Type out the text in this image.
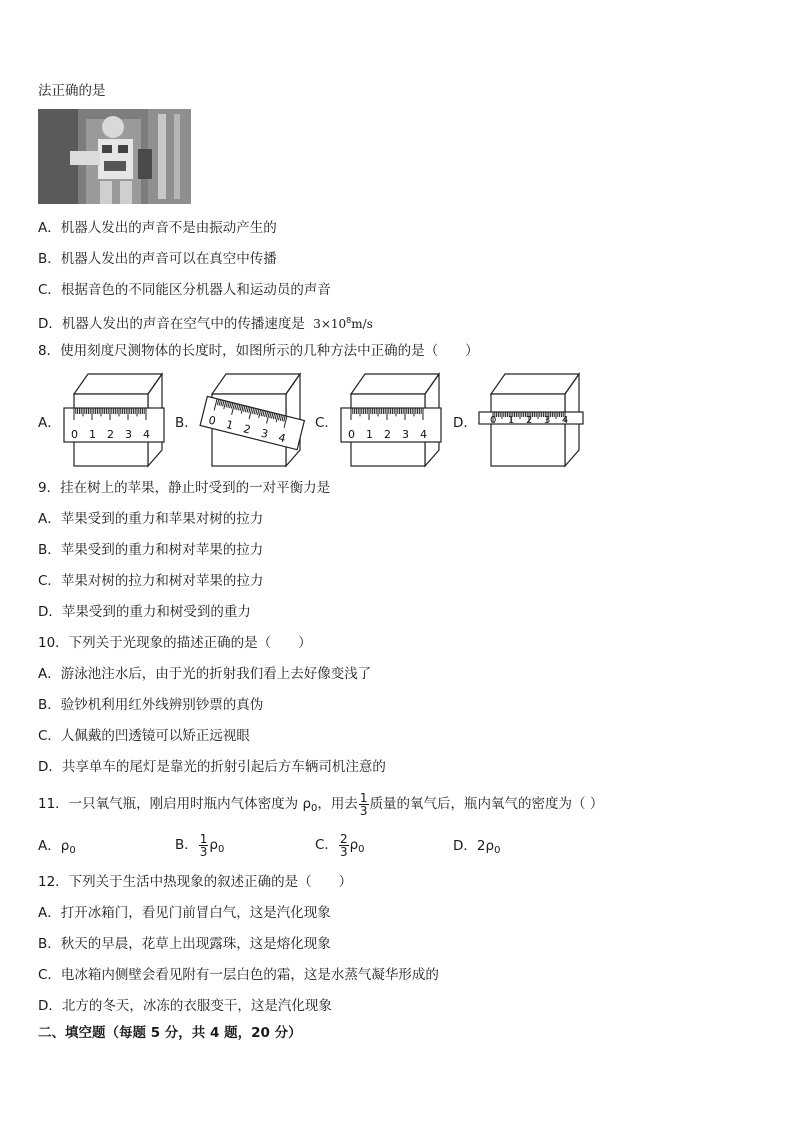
法正确的是
A．机器人发出的声音不是由振动产生的
B．机器人发出的声音可以在真空中传播
C．根据音色的不同能区分机器人和运动员的声音
D．机器人发出的声音在空气中的传播速度是 $3\times 10^8m/s$
8．使用刻度尺测物体的长度时，如图所示的几种方法中正确的是（　　）
A．	B．	C．	D．
0 1 2 3 4
0 1 2 3 4	0 1 2 3 4
0 1 2 3 4
9．挂在树上的苹果，静止时受到的一对平衡力是
A．苹果受到的重力和苹果对树的拉力
B．苹果受到的重力和树对苹果的拉力
C．苹果对树的拉力和树对苹果的拉力
D．苹果受到的重力和树受到的重力
10．下列关于光现象的描述正确的是（　　）
A．游泳池注水后，由于光的折射我们看上去好像变浅了
B．验钞机利用红外线辨别钞票的真伪
C．人佩戴的凹透镜可以矫正远视眼
D．共享单车的尾灯是靠光的折射引起后方车辆司机注意的
11．一只氧气瓶，刚启用时瓶内气体密度为 $\rho_0$，用去 $\frac{1}{3}$ 质量的氧气后，瓶内氧气的密度为（ ）
A．$\rho_0$	B． $\frac{1}{3} \rho_0$	C． $\frac{2}{3} \rho_0$	D．$2\rho_0$
12．下列关于生活中热现象的叙述正确的是（　　）
A．打开冰箱门，看见门前冒白气，这是汽化现象
B．秋天的早晨，花草上出现露珠，这是熔化现象
C．电冰箱内侧壁会看见附有一层白色的霜，这是水蒸气凝华形成的
D．北方的冬天，冰冻的衣服变干，这是汽化现象
二、填空题（每题 5 分，共 4 题，20 分）
